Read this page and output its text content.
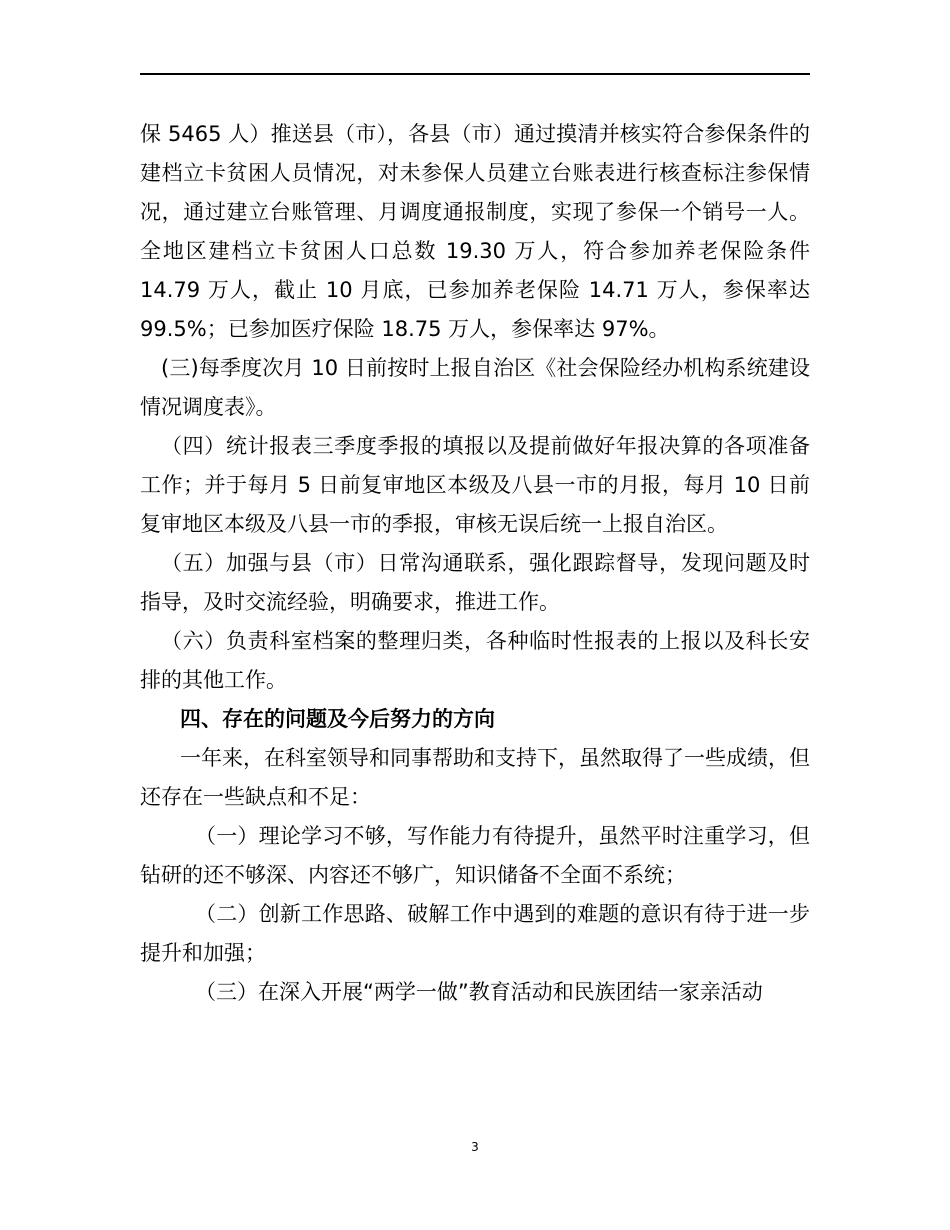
保 5465 人）推送县（市），各县（市）通过摸清并核实符合参保条件的建档立卡贫困人员情况，对未参保人员建立台账表进行核查标注参保情况，通过建立台账管理、月调度通报制度，实现了参保一个销号一人。全地区建档立卡贫困人口总数 19.30 万人，符合参加养老保险条件 14.79 万人，截止 10 月底，已参加养老保险 14.71 万人，参保率达 99.5%；已参加医疗保险 18.75 万人，参保率达 97%。

(三)每季度次月 10 日前按时上报自治区《社会保险经办机构系统建设情况调度表》。

（四）统计报表三季度季报的填报以及提前做好年报决算的各项准备工作；并于每月 5 日前复审地区本级及八县一市的月报，每月 10 日前复审地区本级及八县一市的季报，审核无误后统一上报自治区。

（五）加强与县（市）日常沟通联系，强化跟踪督导，发现问题及时指导，及时交流经验，明确要求，推进工作。

（六）负责科室档案的整理归类，各种临时性报表的上报以及科长安排的其他工作。

四、存在的问题及今后努力的方向

一年来，在科室领导和同事帮助和支持下，虽然取得了一些成绩，但还存在一些缺点和不足：

（一）理论学习不够，写作能力有待提升，虽然平时注重学习，但钻研的还不够深、内容还不够广，知识储备不全面不系统；

（二）创新工作思路、破解工作中遇到的难题的意识有待于进一步提升和加强；

（三）在深入开展“两学一做”教育活动和民族团结一家亲活动

3
